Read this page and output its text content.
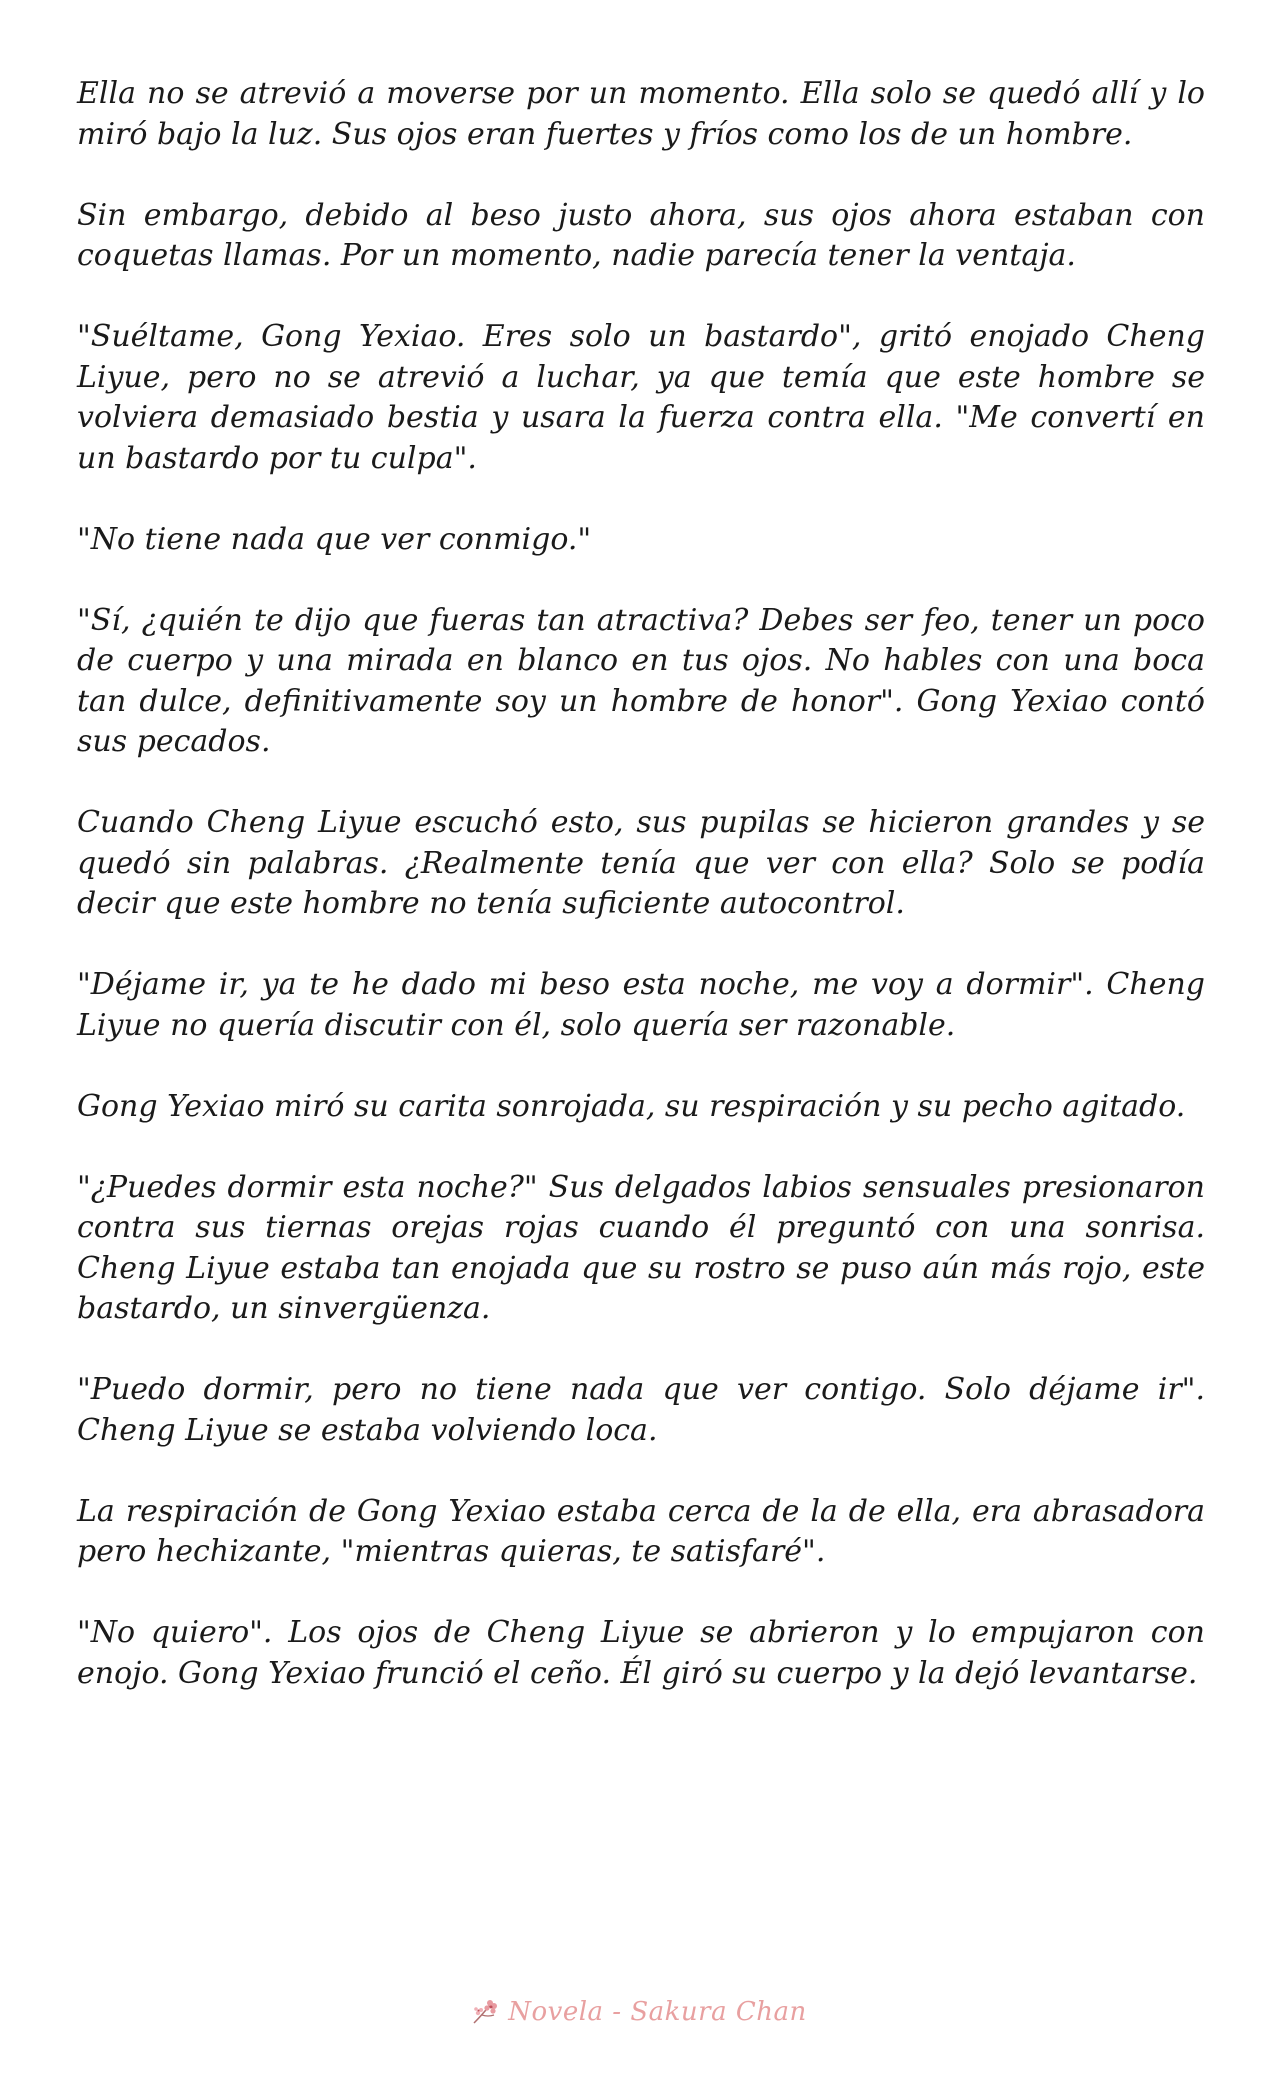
Ella no se atrevió a moverse por un momento. Ella solo se quedó allí y lo miró bajo la luz. Sus ojos eran fuertes y fríos como los de un hombre.

Sin embargo, debido al beso justo ahora, sus ojos ahora estaban con coquetas llamas. Por un momento, nadie parecía tener la ventaja.

"Suéltame, Gong Yexiao. Eres solo un bastardo", gritó enojado Cheng Liyue, pero no se atrevió a luchar, ya que temía que este hombre se volviera demasiado bestia y usara la fuerza contra ella. "Me convertí en un bastardo por tu culpa".

"No tiene nada que ver conmigo."

"Sí, ¿quién te dijo que fueras tan atractiva? Debes ser feo, tener un poco de cuerpo y una mirada en blanco en tus ojos. No hables con una boca tan dulce, definitivamente soy un hombre de honor". Gong Yexiao contó sus pecados.

Cuando Cheng Liyue escuchó esto, sus pupilas se hicieron grandes y se quedó sin palabras. ¿Realmente tenía que ver con ella? Solo se podía decir que este hombre no tenía suficiente autocontrol.

"Déjame ir, ya te he dado mi beso esta noche, me voy a dormir". Cheng Liyue no quería discutir con él, solo quería ser razonable.

Gong Yexiao miró su carita sonrojada, su respiración y su pecho agitado.

"¿Puedes dormir esta noche?" Sus delgados labios sensuales presionaron contra sus tiernas orejas rojas cuando él preguntó con una sonrisa. Cheng Liyue estaba tan enojada que su rostro se puso aún más rojo, este bastardo, un sinvergüenza.

"Puedo dormir, pero no tiene nada que ver contigo. Solo déjame ir". Cheng Liyue se estaba volviendo loca.

La respiración de Gong Yexiao estaba cerca de la de ella, era abrasadora pero hechizante, "mientras quieras, te satisfaré".

"No quiero". Los ojos de Cheng Liyue se abrieron y lo empujaron con enojo. Gong Yexiao frunció el ceño. Él giró su cuerpo y la dejó levantarse.

Novela - Sakura Chan
